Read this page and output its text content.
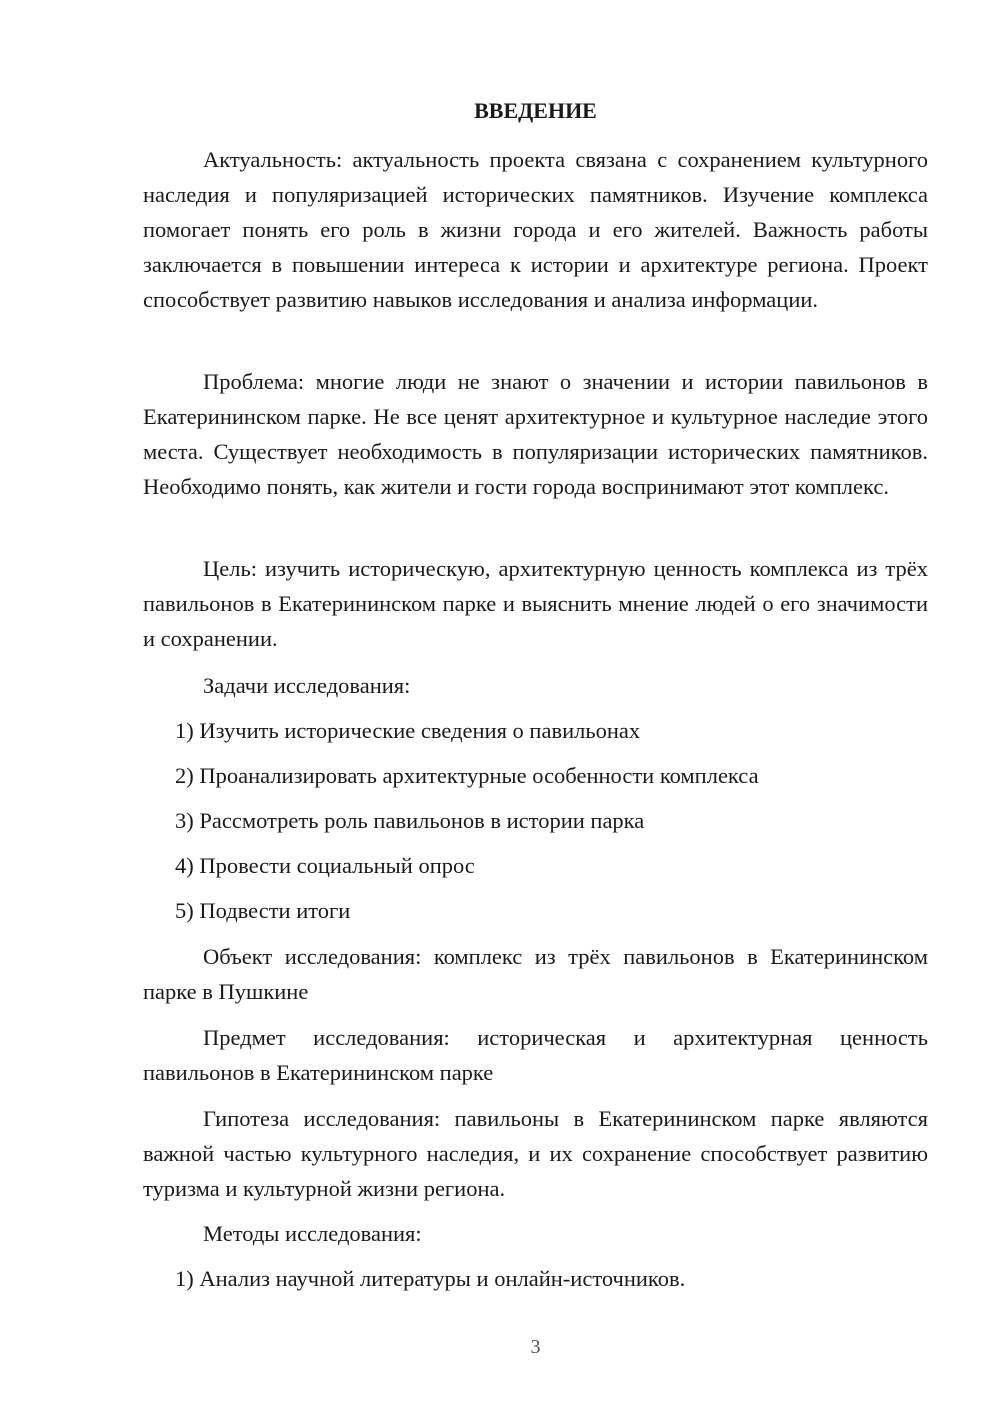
ВВЕДЕНИЕ

Актуальность: актуальность проекта связана с сохранением культурного наследия и популяризацией исторических памятников. Изучение комплекса помогает понять его роль в жизни города и его жителей. Важность работы заключается в повышении интереса к истории и архитектуре региона. Проект способствует развитию навыков исследования и анализа информации.

Проблема: многие люди не знают о значении и истории павильонов в Екатерининском парке. Не все ценят архитектурное и культурное наследие этого места. Существует необходимость в популяризации исторических памятников. Необходимо понять, как жители и гости города воспринимают этот комплекс.

Цель: изучить историческую, архитектурную ценность комплекса из трёх павильонов в Екатерининском парке и выяснить мнение людей о его значимости и сохранении.

Задачи исследования:
1) Изучить исторические сведения о павильонах
2) Проанализировать архитектурные особенности комплекса
3) Рассмотреть роль павильонов в истории парка
4) Провести социальный опрос
5) Подвести итоги

Объект исследования: комплекс из трёх павильонов в Екатерининском парке в Пушкине

Предмет исследования: историческая и архитектурная ценность павильонов в Екатерининском парке

Гипотеза исследования: павильоны в Екатерининском парке являются важной частью культурного наследия, и их сохранение способствует развитию туризма и культурной жизни региона.

Методы исследования:
1) Анализ научной литературы и онлайн-источников.
3
